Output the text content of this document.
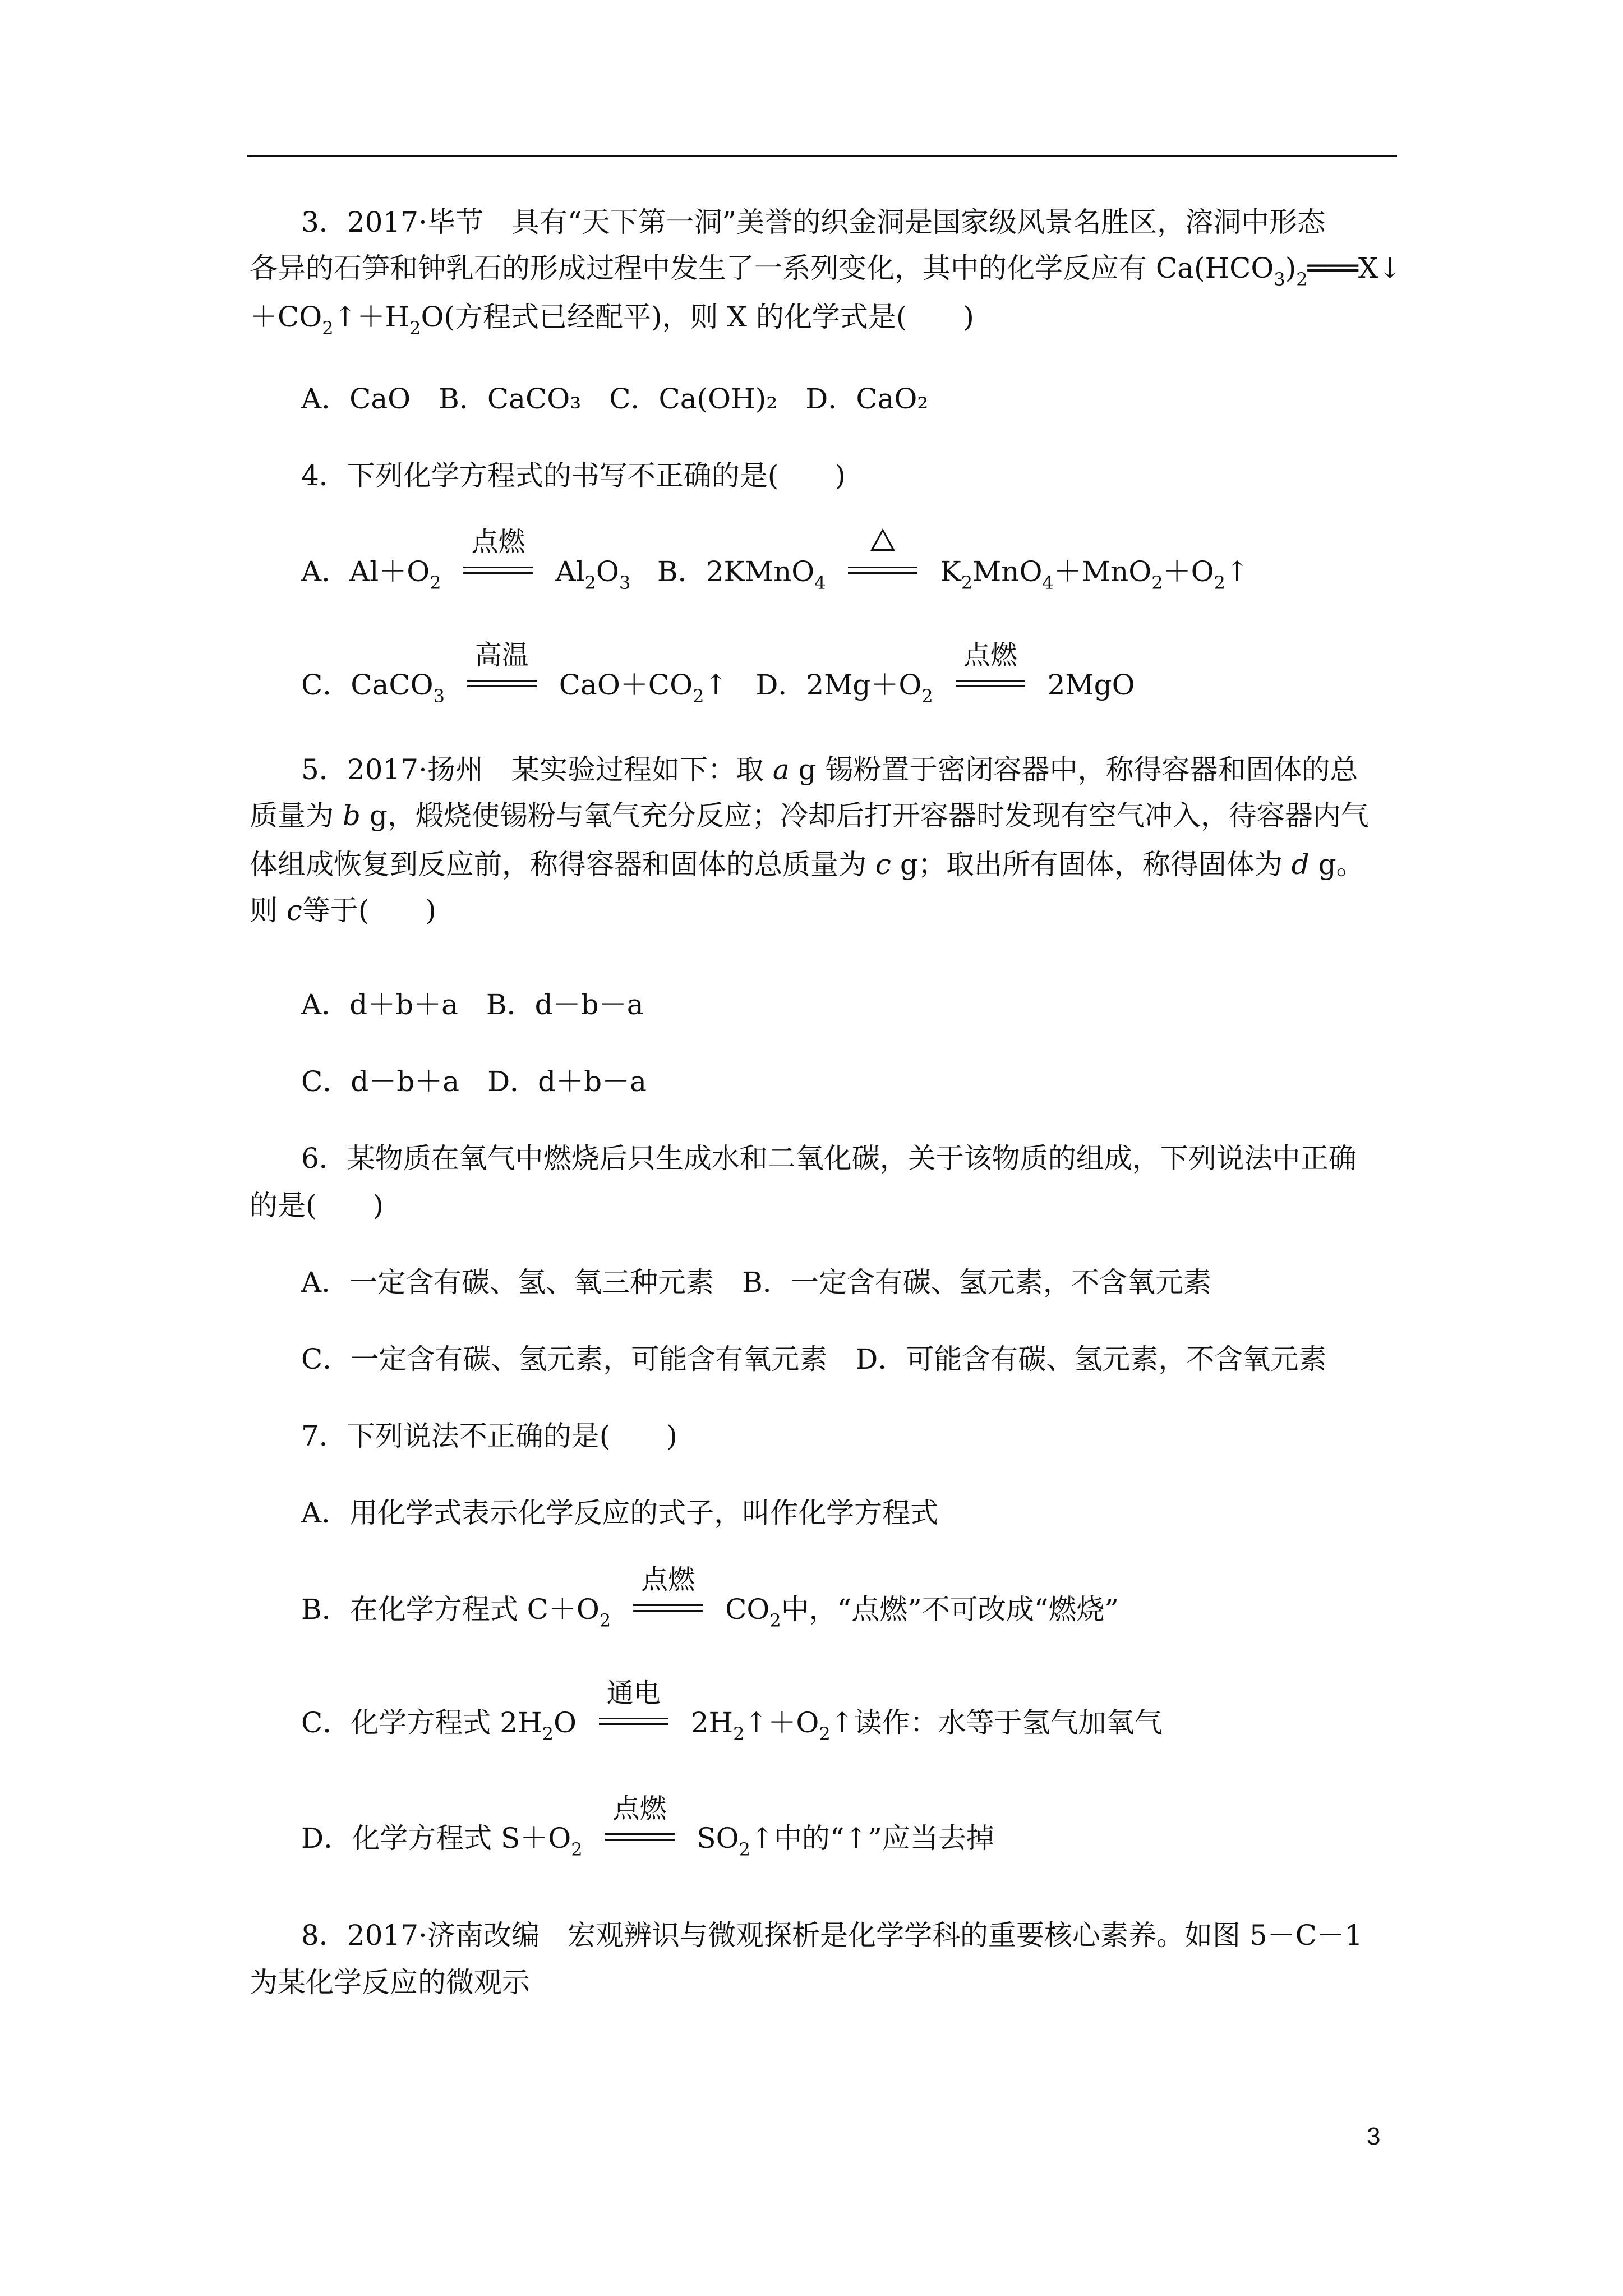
3．2017·毕节　具有“天下第一洞”美誉的织金洞是国家级风景名胜区，溶洞中形态
各异的石笋和钟乳石的形成过程中发生了一系列变化，其中的化学反应有 $Ca(HCO_3)_2═══X↓$
$+CO_2↑+H_2O$(方程式已经配平)，则 X 的化学式是(　　)
A．CaO　B．CaCO₃　C．Ca(OH)₂　D．CaO₂
4．下列化学方程式的书写不正确的是(　　)
A．$Al+O_2$
点燃
$Al_2O_3$ B．2KMnO$_4$	$K_2MnO_4+MnO_2+O_2↑$
C．CaCO$_3$
高温
$CaO+CO_2↑$　D．$2Mg+O_2$
点燃
2MgO
5．2017·扬州　某实验过程如下：取 a g 锡粉置于密闭容器中，称得容器和固体的总
质量为 b g，煅烧使锡粉与氧气充分反应；冷却后打开容器时发现有空气冲入，待容器内气
体组成恢复到反应前，称得容器和固体的总质量为 c g；取出所有固体，称得固体为 d g。
则 c等于(　　)
A．d＋b＋a　B．d－b－a
C．d－b＋a　D．d＋b－a
6．某物质在氧气中燃烧后只生成水和二氧化碳，关于该物质的组成，下列说法中正确
的是(　　)
A．一定含有碳、氢、氧三种元素　B．一定含有碳、氢元素，不含氧元素
C．一定含有碳、氢元素，可能含有氧元素　D．可能含有碳、氢元素，不含氧元素
7．下列说法不正确的是(　　)
A．用化学式表示化学反应的式子，叫作化学方程式
B．在化学方程式 $C+O_2$
点燃
$CO_2$中，“点燃”不可改成“燃烧”
C．化学方程式 $2H_2O$
通电
$2H_2↑+O_2↑$读作：水等于氢气加氧气
D．化学方程式 $S+O_2$
点燃
$SO_2↑$中的“↑”应当去掉
8．2017·济南改编　宏观辨识与微观探析是化学学科的重要核心素养。如图 5－C－1
为某化学反应的微观示
3
